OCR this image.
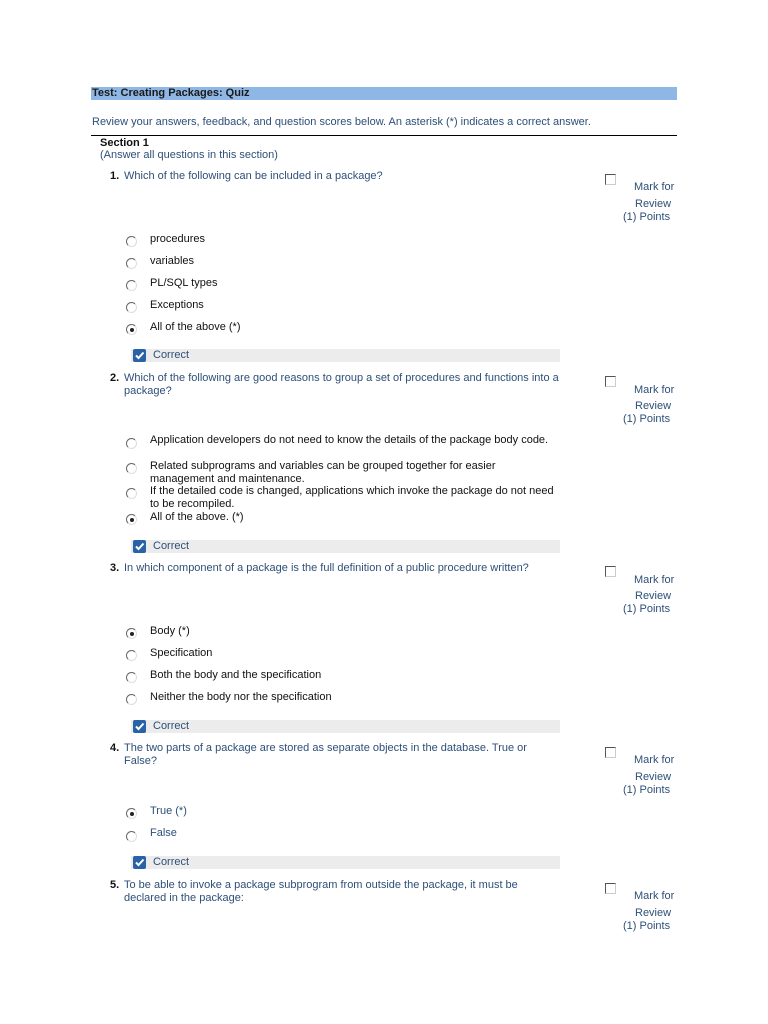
Test: Creating Packages: Quiz
Review your answers, feedback, and question scores below. An asterisk (*) indicates a correct answer.
Section 1
(Answer all questions in this section)
1. Which of the following can be included in a package?
Mark for
Review
(1) Points
procedures
variables
PL/SQL types
Exceptions
All of the above (*)
Correct
2. Which of the following are good reasons to group a set of procedures and functions into a package?	Mark for
Review
(1) Points
Application developers do not need to know the details of the package body code.
Related subprograms and variables can be grouped together for easier management and maintenance.
If the detailed code is changed, applications which invoke the package do not need to be recompiled.
All of the above. (*)
Correct
3. In which component of a package is the full definition of a public procedure written?
Mark for
Review
(1) Points
Body (*)
Specification
Both the body and the specification
Neither the body nor the specification
Correct
4. The two parts of a package are stored as separate objects in the database. True or False?	Mark for
Review
(1) Points
True (*)
False
Correct
5. To be able to invoke a package subprogram from outside the package, it must be declared in the package:	Mark for
Review
(1) Points
